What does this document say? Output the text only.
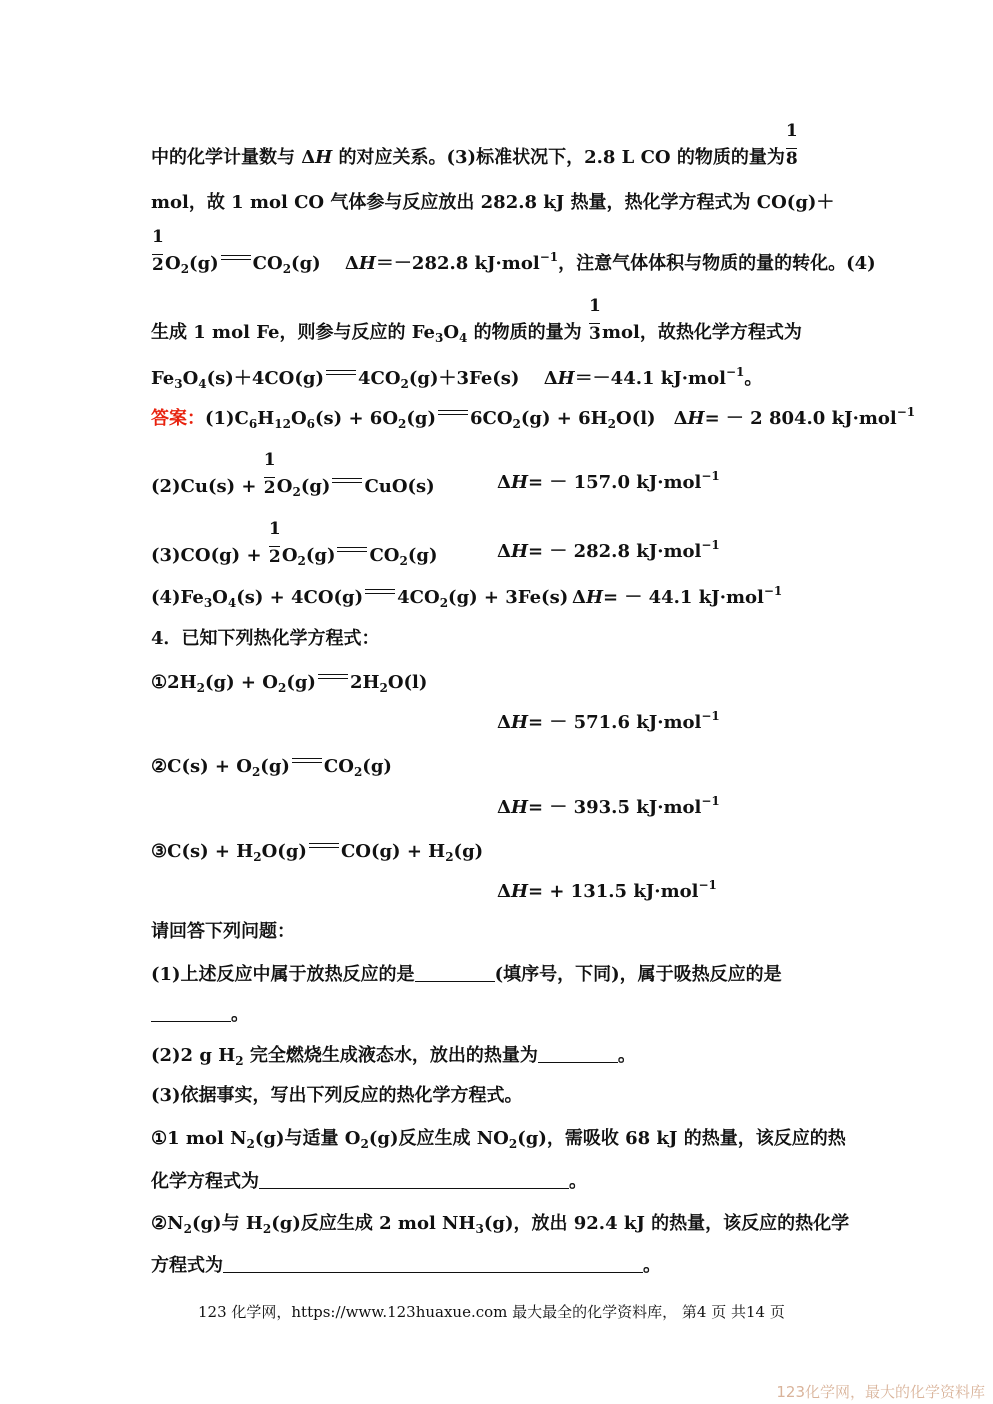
中的化学计量数与 ΔH 的对应关系。(3)标准状况下，2.8 L CO 的物质的量为 $\frac{1}{8}$
mol，故 1 mol CO 气体参与反应放出 282.8 kJ 热量，热化学方程式为 CO(g)＋
$\frac{1}{2} O_2(g)$ $CO_2(g)$　 ΔH＝－282.8 kJ·mol$^{-1}$，注意气体体积与物质的量的转化。(4)
生成 1 mol Fe，则参与反应的 $Fe_3O_4$ 的物质的量为 $\frac{1}{3}$ mol，故热化学方程式为
$Fe_3O_4(s)+4CO(g)$ $4CO_2(g)+3Fe(s)$　 ΔH＝－44.1 kJ·mol$^{-1}$。
答案：$(1)C_6H_{12}O_6(s) + 6O_2(g) 6CO_2(g) + 6H_2O(l)$　ΔH= － 2 804.0 kJ·mol$^{-1}$
$(2)Cu(s) + \frac{1}{2} O_2(g)$ CuO(s)	ΔH= － 157.0 kJ·mol$^{-1}$
$(3)CO(g) + \frac{1}{2} O_2(g)$ $CO_2(g)$	ΔH= － 282.8 kJ·mol$^{-1}$
$(4)Fe_3O_4(s) + 4CO(g) 4CO_2(g) + 3Fe(s) \Delta H= - 44.1$ kJ·mol$^{-1}$
4．已知下列热化学方程式：
$①2H_2(g) + O_2(g)$ $2H_2O(l)$
ΔH= － 571.6 kJ·mol$^{-1}$
②C(s) + $O_2(g)$ $CO_2(g)$
ΔH= － 393.5 kJ·mol$^{-1}$
③C(s) + $H_2O(g) CO(g) + H_2(g)$
ΔH= + 131.5 kJ·mol$^{-1}$
请回答下列问题：
(1)上述反应中属于放热反应的是	(填序号，下同)，属于吸热反应的是
。
(2)2 g $H_2$ 完全燃烧生成液态水，放出的热量为	。
(3)依据事实，写出下列反应的热化学方程式。
①1 mol $N_2(g)$与适量 $O_2(g)$反应生成 $NO_2(g)$，需吸收 68 kJ 的热量，该反应的热
化学方程式为	。
$②N_2(g)$与 $H_2(g)$反应生成 2 mol $NH_3(g)$，放出 92.4 kJ 的热量，该反应的热化学
方程式为	。
123 化学网，https://www.123huaxue.com 最大最全的化学资料库， 第4 页 共14 页
123化学网，最大的化学资料库
